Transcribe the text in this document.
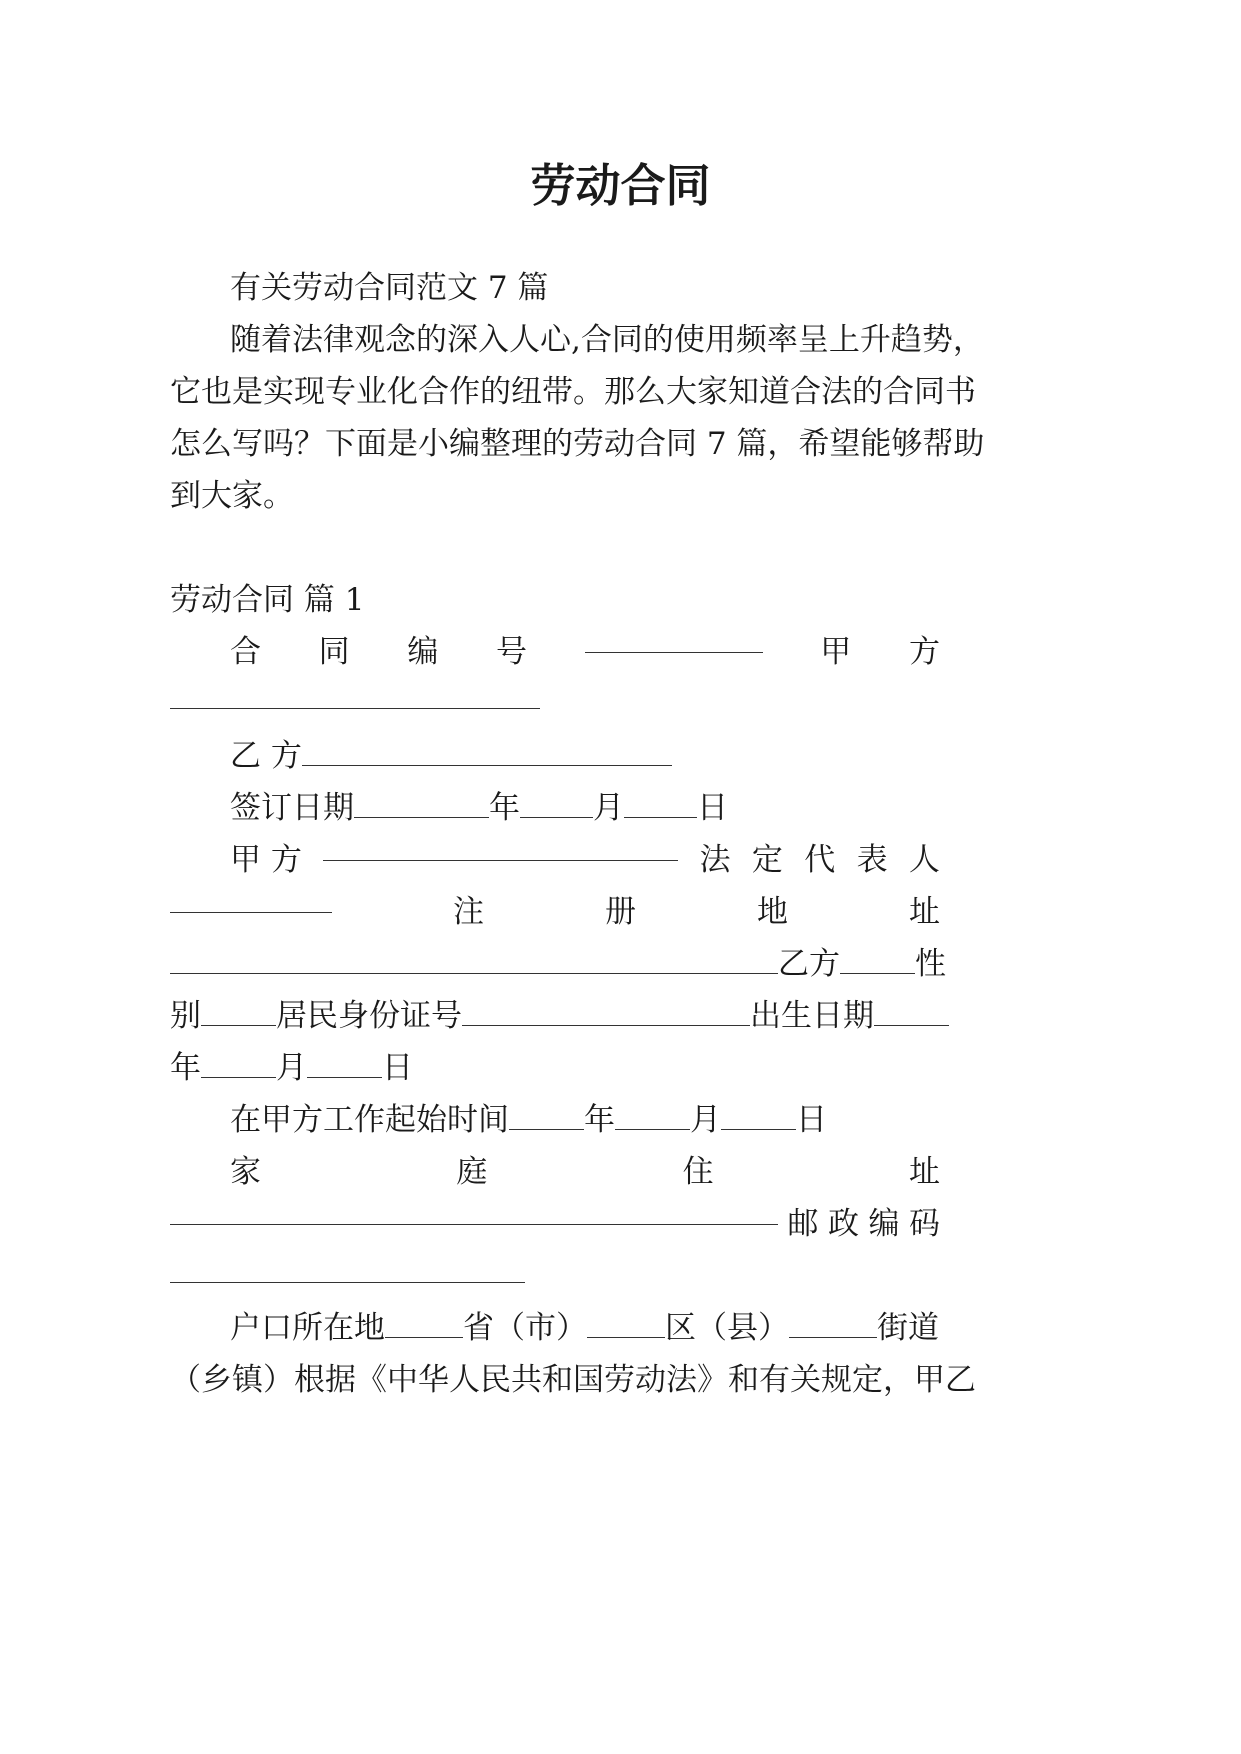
劳动合同
有关劳动合同范文 7 篇
随着法律观念的深入人心,合同的使用频率呈上升趋势，
它也是实现专业化合作的纽带。那么大家知道合法的合同书
怎么写吗？下面是小编整理的劳动合同 7 篇，希望能够帮助
到大家。
劳动合同 篇 1
合 同 编 号	甲 方
乙 方
签订日期	年 月 日
甲 方	法 定 代 表 人
注	册	地	址
乙方 性
别 居民身份证号	出生日期
年 月 日
在甲方工作起始时间 年 月 日
家	庭	住	址
邮 政 编 码
户口所在地	省（市）	区（县）	街道
（乡镇）根据《中华人民共和国劳动法》和有关规定，甲乙
